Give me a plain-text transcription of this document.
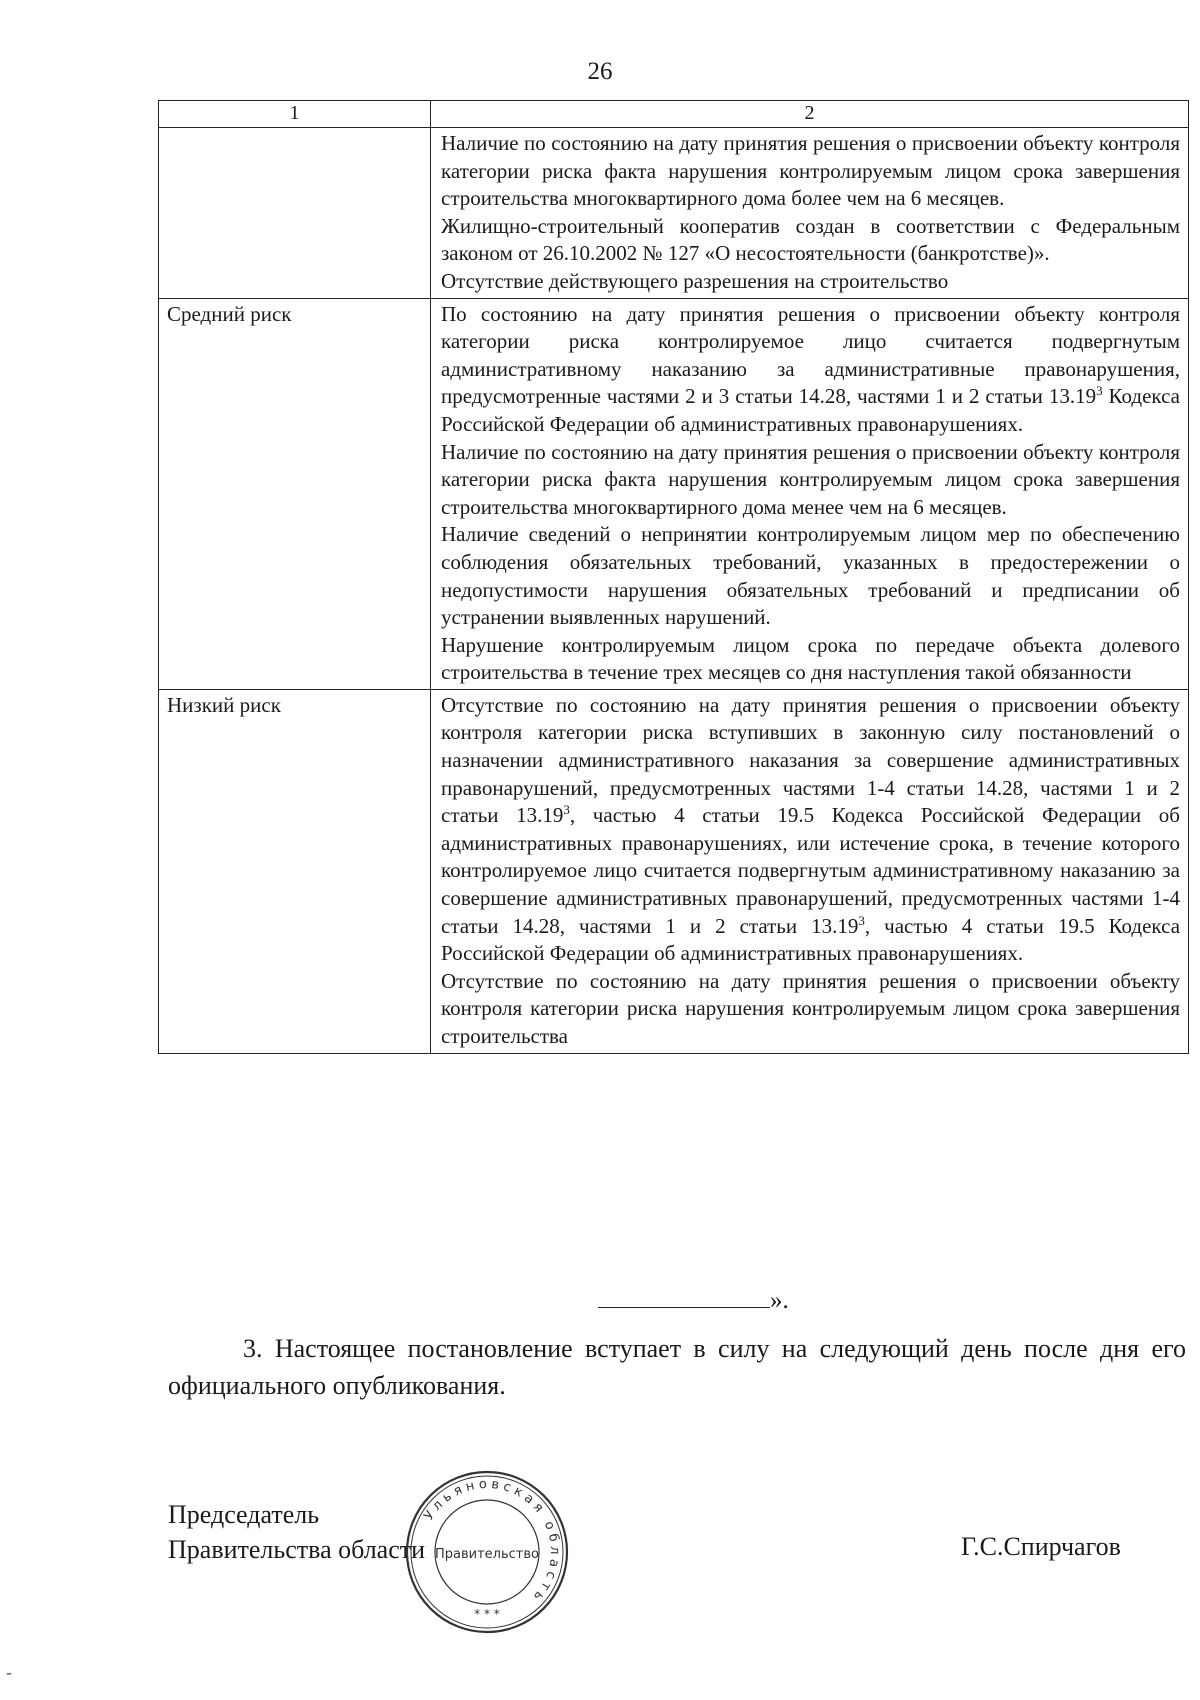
26
1	2

	Наличие по состоянию на дату принятия решения о присвоении объекту контроля категории риска факта нарушения контролируемым лицом срока завершения строительства многоквартирного дома более чем на 6 месяцев.
Жилищно-строительный кооператив создан в соответствии с Федеральным законом от 26.10.2002 № 127 «О несостоятельности (банкротстве)».
Отсутствие действующего разрешения на строительство

Средний риск	По состоянию на дату принятия решения о присвоении объекту контроля категории риска контролируемое лицо считается подвергнутым административному наказанию за административные правонарушения, предусмотренные частями 2 и 3 статьи 14.28, частями 1 и 2 статьи 13.19$^3$ Кодекса Российской Федерации об административных правонарушениях.
Наличие по состоянию на дату принятия решения о присвоении объекту контроля категории риска факта нарушения контролируемым лицом срока завершения строительства многоквартирного дома менее чем на 6 месяцев.
Наличие сведений о непринятии контролируемым лицом мер по обеспечению соблюдения обязательных требований, указанных в предостережении о недопустимости нарушения обязательных требований и предписании об устранении выявленных нарушений.
Нарушение контролируемым лицом срока по передаче объекта долевого строительства в течение трех месяцев со дня наступления такой обязанности

Низкий риск	Отсутствие по состоянию на дату принятия решения о присвоении объекту контроля категории риска вступивших в законную силу постановлений о назначении административного наказания за совершение административных правонарушений, предусмотренных частями 1-4 статьи 14.28, частями 1 и 2 статьи 13.19$^3$, частью 4 статьи 19.5 Кодекса Российской Федерации об административных правонарушениях, или истечение срока, в течение которого контролируемое лицо считается подвергнутым административному наказанию за совершение административных правонарушений, предусмотренных частями 1-4 статьи 14.28, частями 1 и 2 статьи 13.19$^3$, частью 4 статьи 19.5 Кодекса Российской Федерации об административных правонарушениях.
Отсутствие по состоянию на дату принятия решения о присвоении объекту контроля категории риска нарушения контролируемым лицом срока завершения строительства
».
3. Настоящее постановление вступает в силу на следующий день после дня его официального опубликования.
Председатель
Правительства области
Ульяновская область
Правительство
* * *
Г.С.Спирчагов
-
